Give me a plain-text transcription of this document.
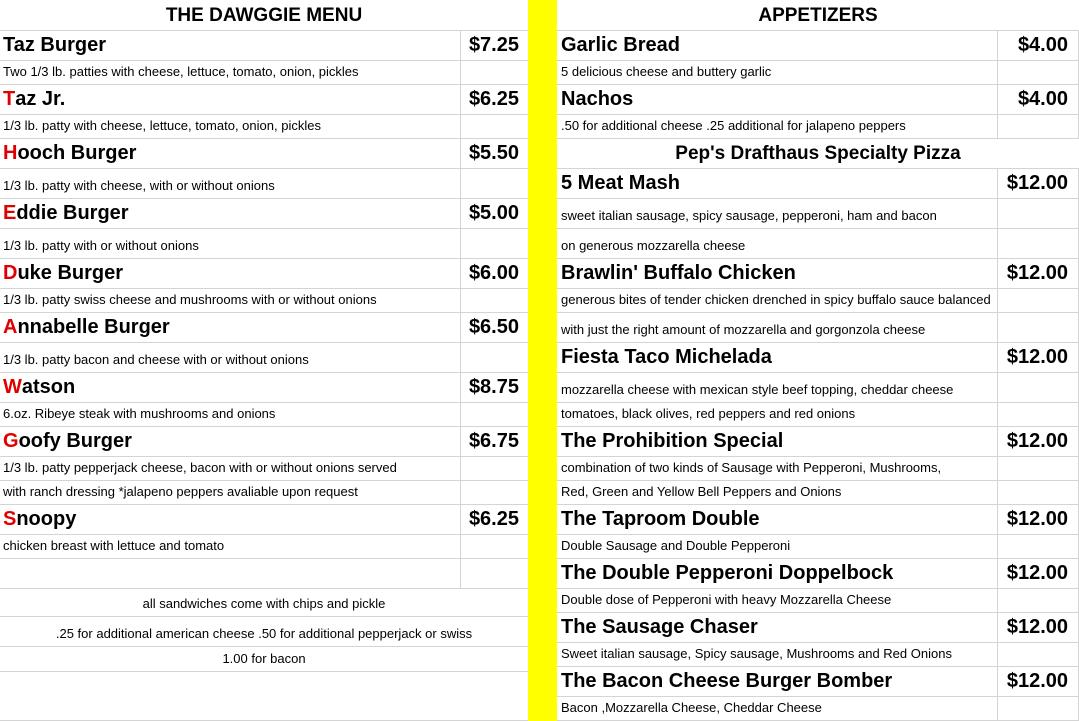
THE DAWGGIE MENU
Taz Burger	$7.25
Two 1/3 lb. patties with cheese, lettuce, tomato, onion, pickles
T az Jr.	$6.25
1/3 lb. patty with cheese, lettuce, tomato, onion, pickles
H ooch Burger	$5.50
1/3 lb. patty with cheese, with or without onions
E ddie Burger	$5.00
1/3 lb. patty with or without onions
D uke Burger	$6.00
1/3 lb. patty swiss cheese and mushrooms with or without onions
A nnabelle Burger	$6.50
1/3 lb. patty bacon and cheese with or without onions
W atson	$8.75
6.oz. Ribeye steak with mushrooms and onions
G oofy Burger	$6.75
1/3 lb. patty pepperjack cheese, bacon with or without onions served
with ranch dressing *jalapeno peppers avaliable upon request
S noopy	$6.25
chicken breast with lettuce and tomato
all sandwiches come with chips and pickle
.25 for additional american cheese .50 for additional pepperjack or swiss
1.00 for bacon
APPETIZERS
Garlic Bread	$4.00
5 delicious cheese and buttery garlic
Nachos	$4.00
.50 for additional cheese .25 additional for jalapeno peppers
Pep's Drafthaus Specialty Pizza
5 Meat Mash	$12.00
sweet italian sausage, spicy sausage, pepperoni, ham and bacon
on generous mozzarella cheese
Brawlin' Buffalo Chicken	$12.00
generous bites of tender chicken drenched in spicy buffalo sauce balanced
with just the right amount of mozzarella and gorgonzola cheese
Fiesta Taco Michelada	$12.00
mozzarella cheese with mexican style beef topping, cheddar cheese
tomatoes, black olives, red peppers and red onions
The Prohibition Special	$12.00
combination of two kinds of Sausage with Pepperoni, Mushrooms,
Red, Green and Yellow Bell Peppers and Onions
The Taproom Double	$12.00
Double Sausage and Double Pepperoni
The Double Pepperoni Doppelbock	$12.00
Double dose of Pepperoni with heavy Mozzarella Cheese
The Sausage Chaser	$12.00
Sweet italian sausage, Spicy sausage, Mushrooms and Red Onions
The Bacon Cheese Burger Bomber	$12.00
Bacon ,Mozzarella Cheese, Cheddar Cheese
